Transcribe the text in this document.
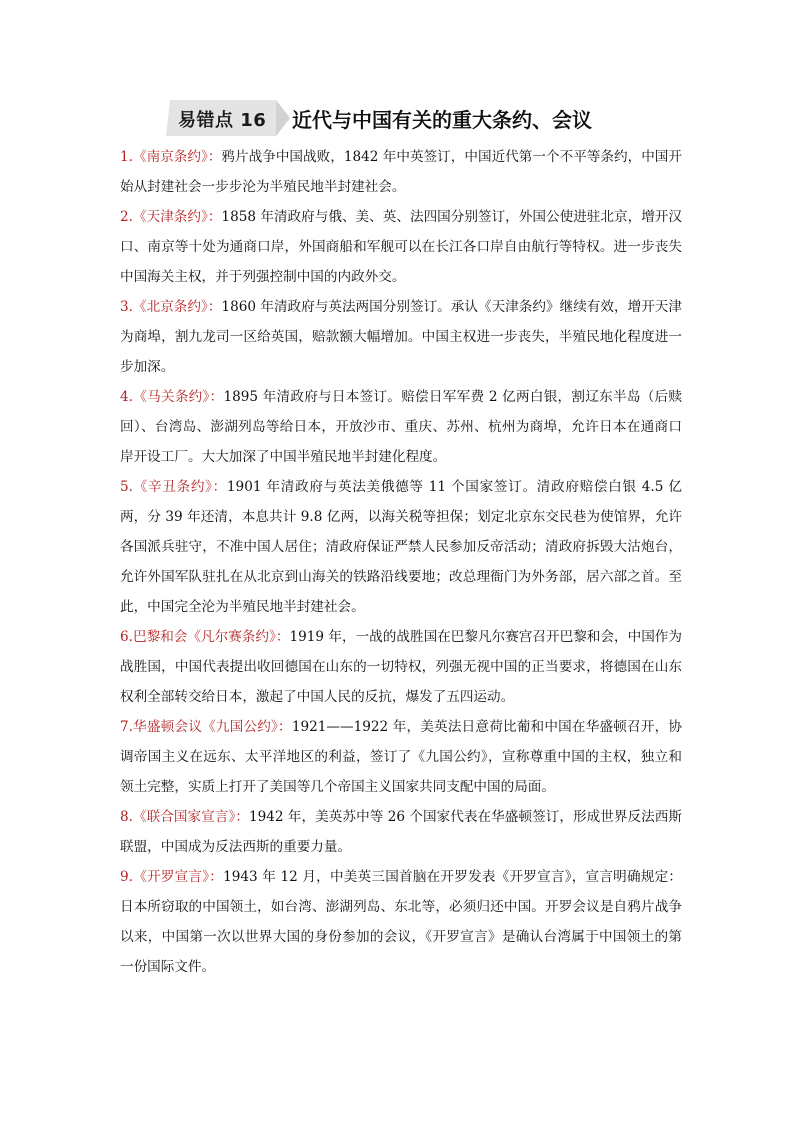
易错点 16 近代与中国有关的重大条约、会议

1.《南京条约》：鸦片战争中国战败，1842 年中英签订，中国近代第一个不平等条约，中国开始从封建社会一步步沦为半殖民地半封建社会。

2.《天津条约》：1858 年清政府与俄、美、英、法四国分别签订，外国公使进驻北京，增开汉口、南京等十处为通商口岸，外国商船和军舰可以在长江各口岸自由航行等特权。进一步丧失中国海关主权，并于列强控制中国的内政外交。

3.《北京条约》：1860 年清政府与英法两国分别签订。承认《天津条约》继续有效，增开天津为商埠，割九龙司一区给英国，赔款额大幅增加。中国主权进一步丧失，半殖民地化程度进一步加深。

4.《马关条约》：1895 年清政府与日本签订。赔偿日军军费 2 亿两白银，割辽东半岛（后赎回）、台湾岛、澎湖列岛等给日本，开放沙市、重庆、苏州、杭州为商埠，允许日本在通商口岸开设工厂。大大加深了中国半殖民地半封建化程度。

5.《辛丑条约》：1901 年清政府与英法美俄德等 11 个国家签订。清政府赔偿白银 4.5 亿两，分 39 年还清，本息共计 9.8 亿两，以海关税等担保；划定北京东交民巷为使馆界，允许各国派兵驻守，不准中国人居住；清政府保证严禁人民参加反帝活动；清政府拆毁大沽炮台，允许外国军队驻扎在从北京到山海关的铁路沿线要地；改总理衙门为外务部，居六部之首。至此，中国完全沦为半殖民地半封建社会。

6.巴黎和会《凡尔赛条约》：1919 年，一战的战胜国在巴黎凡尔赛宫召开巴黎和会，中国作为战胜国，中国代表提出收回德国在山东的一切特权，列强无视中国的正当要求，将德国在山东权利全部转交给日本，激起了中国人民的反抗，爆发了五四运动。

7.华盛顿会议《九国公约》：1921——1922 年，美英法日意荷比葡和中国在华盛顿召开，协调帝国主义在远东、太平洋地区的利益，签订了《九国公约》，宣称尊重中国的主权，独立和领土完整，实质上打开了美国等几个帝国主义国家共同支配中国的局面。

8.《联合国家宣言》：1942 年，美英苏中等 26 个国家代表在华盛顿签订，形成世界反法西斯联盟，中国成为反法西斯的重要力量。

9.《开罗宣言》：1943 年 12 月，中美英三国首脑在开罗发表《开罗宣言》，宣言明确规定：日本所窃取的中国领土，如台湾、澎湖列岛、东北等，必须归还中国。开罗会议是自鸦片战争以来，中国第一次以世界大国的身份参加的会议，《开罗宣言》是确认台湾属于中国领土的第一份国际文件。
